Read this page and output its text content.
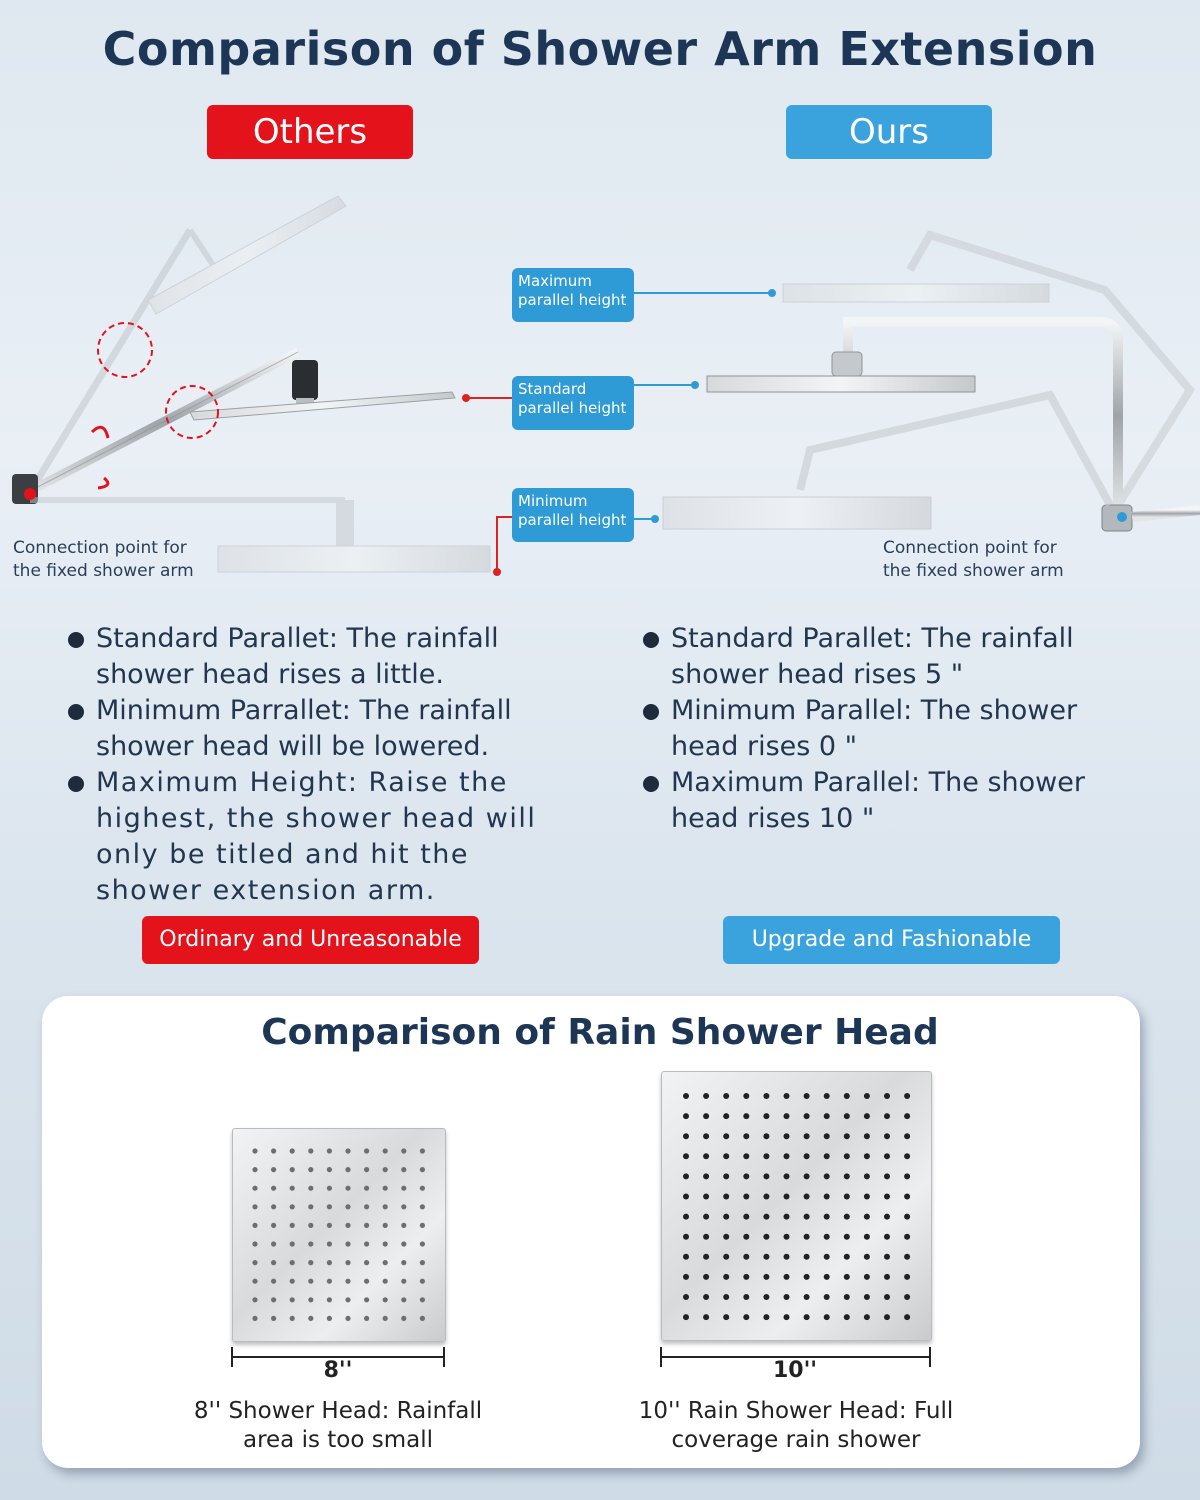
Comparison of Shower Arm Extension
Others	Ours
Maximum
parallel height
Standard
parallel height
Minimum
parallel height
Connection point for
the fixed shower arm
Connection point for
the fixed shower arm
Standard Parallet: The rainfall
shower head rises a little.
Minimum Parrallet: The rainfall
shower head will be lowered.
Maximum Height: Raise the
highest, the shower head will
only be titled and hit the
shower extension arm.
Standard Parallet: The rainfall
shower head rises 5 "
Minimum Parallel: The shower
head rises 0 "
Maximum Parallel: The shower
head rises 10 "
Ordinary and Unreasonable	Upgrade and Fashionable
Comparison of Rain Shower Head
8''	10''
8'' Shower Head: Rainfall
area is too small
10'' Rain Shower Head: Full
coverage rain shower
